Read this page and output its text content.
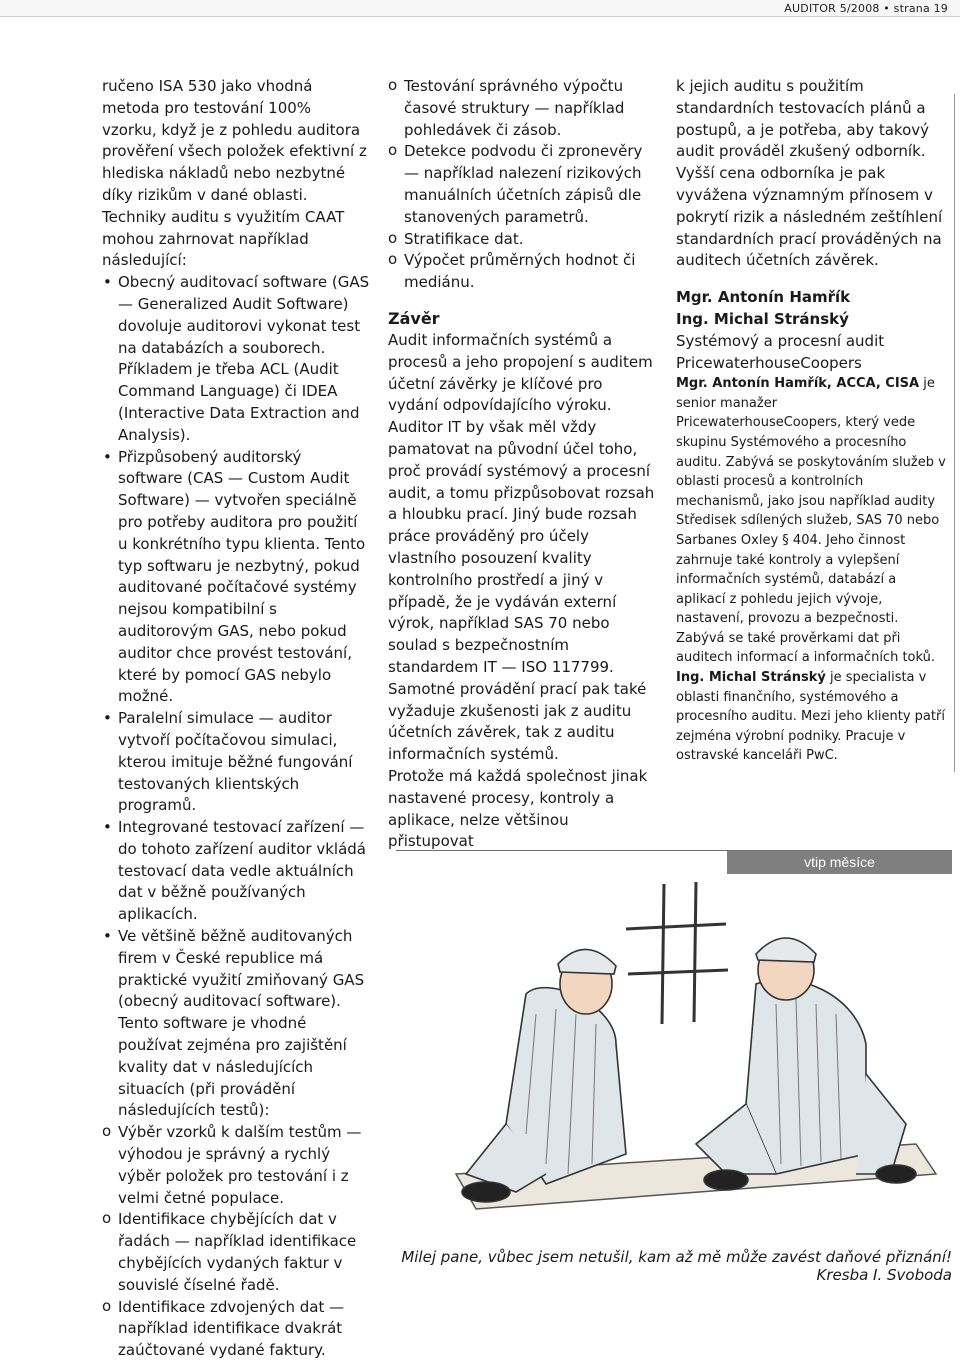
AUDITOR 5/2008 • strana 19

ručeno ISA 530 jako vhodná metoda pro testování 100% vzorku, když je z pohledu auditora prověření všech položek efektivní z hlediska nákladů nebo nezbytné díky rizikům v dané oblasti.

Techniky auditu s využitím CAAT mohou zahrnovat například následující:

• Obecný auditovací software (GAS — Generalized Audit Software) dovoluje auditorovi vykonat test na databázích a souborech. Příkladem je třeba ACL (Audit Command Language) či IDEA (Interactive Data Extraction and Analysis).
• Přizpůsobený auditorský software (CAS — Custom Audit Software) — vytvořen speciálně pro potřeby auditora pro použití u konkrétního typu klienta. Tento typ softwaru je nezbytný, pokud auditované počítačové systémy nejsou kompatibilní s auditorovým GAS, nebo pokud auditor chce provést testování, které by pomocí GAS nebylo možné.
• Paralelní simulace — auditor vytvoří počítačovou simulaci, kterou imituje běžné fungování testovaných klientských programů.
• Integrované testovací zařízení — do tohoto zařízení auditor vkládá testovací data vedle aktuálních dat v běžně používaných aplikacích.
• Ve většině běžně auditovaných firem v České republice má praktické využití zmiňovaný GAS (obecný auditovací software).

Tento software je vhodné používat zejména pro zajištění kvality dat v následujících situacích (při provádění následujících testů):

o Výběr vzorků k dalším testům — výhodou je správný a rychlý výběr položek pro testování i z velmi četné populace.
o Identifikace chybějících dat v řadách — například identifikace chybějících vydaných faktur v souvislé číselné řadě.
o Identifikace zdvojených dat — například identifikace dvakrát zaúčtované vydané faktury.
o Testování správného výpočtu časové struktury — například pohledávek či zásob.
o Detekce podvodu či zpronevěry — například nalezení rizikových manuálních účetních zápisů dle stanovených parametrů.
o Stratifikace dat.
o Výpočet průměrných hodnot či mediánu.
Závěr

Audit informačních systémů a procesů a jeho propojení s auditem účetní závěrky je klíčové pro vydání odpovídajícího výroku. Auditor IT by však měl vždy pamatovat na původní účel toho, proč provádí systémový a procesní audit, a tomu přizpůsobovat rozsah a hloubku prací. Jiný bude rozsah práce prováděný pro účely vlastního posouzení kvality kontrolního prostředí a jiný v případě, že je vydáván externí výrok, například SAS 70 nebo soulad s bezpečnostním standardem IT — ISO 117799. Samotné provádění prací pak také vyžaduje zkušenosti jak z auditu účetních závěrek, tak z auditu informačních systémů.

Protože má každá společnost jinak nastavené procesy, kontroly a aplikace, nelze většinou přistupovat

k jejich auditu s použitím standardních testovacích plánů a postupů, a je potřeba, aby takový audit prováděl zkušený odborník. Vyšší cena odborníka je pak vyvážena významným přínosem v pokrytí rizik a následném zeštíhlení standardních prací prováděných na auditech účetních závěrek.

Mgr. Antonín Hamřík
Ing. Michal Stránský
Systémový a procesní audit
PricewaterhouseCoopers

Mgr. Antonín Hamřík, ACCA, CISA je senior manažer PricewaterhouseCoopers, který vede skupinu Systémového a procesního auditu. Zabývá se poskytováním služeb v oblasti procesů a kontrolních mechanismů, jako jsou například audity Středisek sdílených služeb, SAS 70 nebo Sarbanes Oxley § 404. Jeho činnost zahrnuje také kontroly a vylepšení informačních systémů, databází a aplikací z pohledu jejich vývoje, nastavení, provozu a bezpečnosti. Zabývá se také prověrkami dat při auditech informací a informačních toků.

Ing. Michal Stránský je specialista v oblasti finančního, systémového a procesního auditu. Mezi jeho klienty patří zejména výrobní podniky. Pracuje v ostravské kanceláři PwC.

vtip měsíce
Milej pane, vůbec jsem netušil, kam až mě může zavést daňové přiznání!
Kresba I. Svoboda
